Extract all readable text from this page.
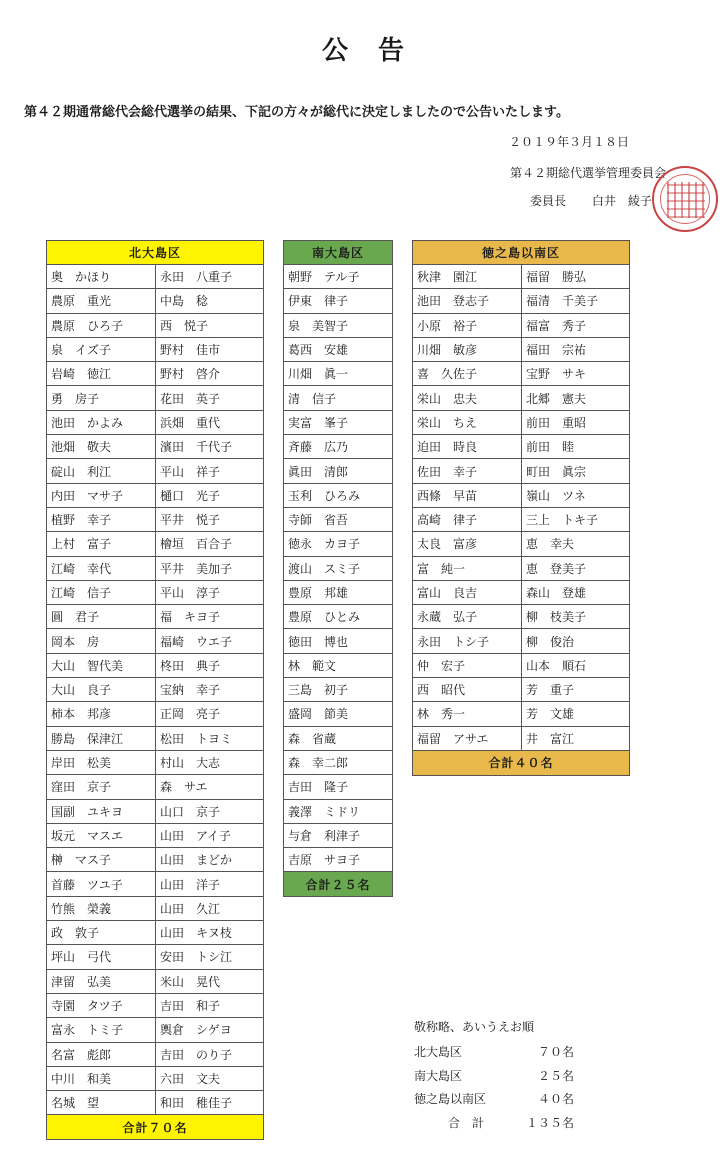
公　告
第４２期通常総代会総代選挙の結果、下記の方々が総代に決定しましたので公告いたします。
２０１９年３月１８日
第４２期総代選挙管理委員会
委員長 白井　綾子
北大島区
奥　かほり	永田　八重子
農原　重光	中島　稔
農原　ひろ子	西　悦子
泉　イズ子	野村　佳市
岩崎　徳江	野村　啓介
勇　房子	花田　英子
池田　かよみ	浜畑　重代
池畑　敬夫	濱田　千代子
碇山　利江	平山　祥子
内田　マサ子	樋口　光子
植野　幸子	平井　悦子
上村　富子	檜垣　百合子
江崎　幸代	平井　美加子
江崎　信子	平山　淳子
圓　君子	福　キヨ子
岡本　房	福崎　ウエ子
大山　智代美	柊田　典子
大山　良子	宝納　幸子
柿本　邦彦	正岡　亮子
勝島　保津江	松田　トヨミ
岸田　松美	村山　大志
窪田　京子	森　サエ
国副　ユキヨ	山口　京子
坂元　マスエ	山田　アイ子
榊　マス子	山田　まどか
首藤　ツユ子	山田　洋子
竹熊　榮義	山田　久江
政　敦子	山田　キヌ枝
坪山　弓代	安田　トシ江
津留　弘美	米山　晃代
寺園　タツ子	吉田　和子
富永　トミ子	輿倉　シゲヨ
名富　彪郎	吉田　のり子
中川　和美	六田　文夫
名城　望	和田　稚佳子
合計７０名
南大島区
朝野　テル子
伊東　律子
泉　美智子
葛西　安雄
川畑　眞一
清　信子
実富　峯子
斉藤　広乃
眞田　清郎
玉利　ひろみ
寺師　省吾
徳永　カヨ子
渡山　スミ子
豊原　邦雄
豊原　ひとみ
徳田　博也
林　範文
三島　初子
盛岡　節美
森　省蔵
森　幸二郎
吉田　隆子
義澤　ミドリ
与倉　利津子
吉原　サヨ子
合計２５名
徳之島以南区
秋津　園江	福留　勝弘
池田　登志子	福清　千美子
小原　裕子	福富　秀子
川畑　敏彦	福田　宗祐
喜　久佐子	宝野　サキ
栄山　忠夫	北郷　憲夫
栄山　ちえ	前田　重昭
迫田　時良	前田　睦
佐田　幸子	町田　眞宗
西條　早苗	嶺山　ツネ
高崎　律子	三上　トキ子
太良　富彦	恵　幸夫
富　純一	恵　登美子
富山　良吉	森山　登雄
永蔵　弘子	柳　枝美子
永田　トシ子	柳　俊治
仲　宏子	山本　順石
西　昭代	芳　重子
林　秀一	芳　文雄
福留　アサエ	井　富江
合計４０名
敬称略、あいうえお順
北大島区	７０名
南大島区	２５名
徳之島以南区	４０名
合　計	１３５名
